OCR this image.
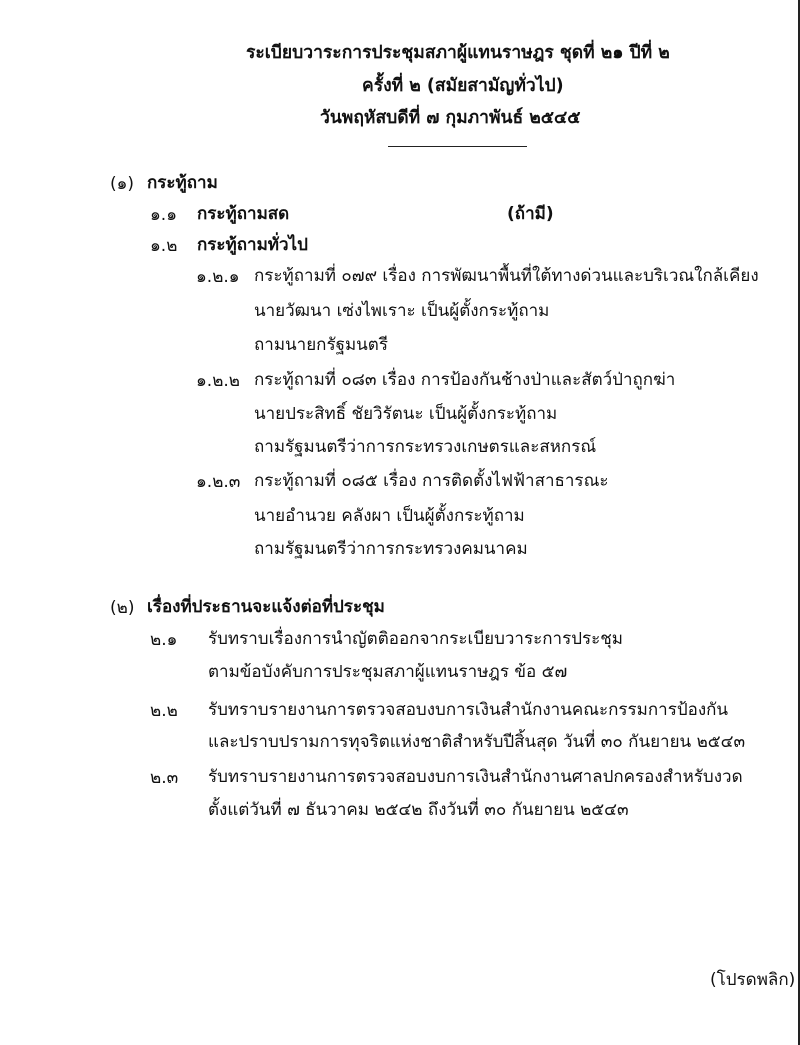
ระเบียบวาระการประชุมสภาผู้แทนราษฎร ชุดที่ ๒๑ ปีที่ ๒
ครั้งที่ ๒ (สมัยสามัญทั่วไป)
วันพฤหัสบดีที่ ๗ กุมภาพันธ์ ๒๕๔๕
(๑) กระทู้ถาม
๑.๑ กระทู้ถามสด	(ถ้ามี)
๑.๒ กระทู้ถามทั่วไป
๑.๒.๑ กระทู้ถามที่ ๐๗๙ เรื่อง การพัฒนาพื้นที่ใต้ทางด่วนและบริเวณใกล้เคียง
นายวัฒนา เซ่งไพเราะ เป็นผู้ตั้งกระทู้ถาม
ถามนายกรัฐมนตรี
๑.๒.๒ กระทู้ถามที่ ๐๘๓ เรื่อง การป้องกันช้างป่าและสัตว์ป่าถูกฆ่า
นายประสิทธิ์ ชัยวิรัตนะ เป็นผู้ตั้งกระทู้ถาม
ถามรัฐมนตรีว่าการกระทรวงเกษตรและสหกรณ์
๑.๒.๓ กระทู้ถามที่ ๐๘๕ เรื่อง การติดตั้งไฟฟ้าสาธารณะ
นายอำนวย คลังผา เป็นผู้ตั้งกระทู้ถาม
ถามรัฐมนตรีว่าการกระทรวงคมนาคม
(๒) เรื่องที่ประธานจะแจ้งต่อที่ประชุม
๒.๑ รับทราบเรื่องการนำญัตติออกจากระเบียบวาระการประชุม
ตามข้อบังคับการประชุมสภาผู้แทนราษฎร ข้อ ๕๗
๒.๒ รับทราบรายงานการตรวจสอบงบการเงินสำนักงานคณะกรรมการป้องกัน
และปราบปรามการทุจริตแห่งชาติสำหรับปีสิ้นสุด วันที่ ๓๐ กันยายน ๒๕๔๓
๒.๓ รับทราบรายงานการตรวจสอบงบการเงินสำนักงานศาลปกครองสำหรับงวด
ตั้งแต่วันที่ ๗ ธันวาคม ๒๕๔๒ ถึงวันที่ ๓๐ กันยายน ๒๕๔๓
(โปรดพลิก)
